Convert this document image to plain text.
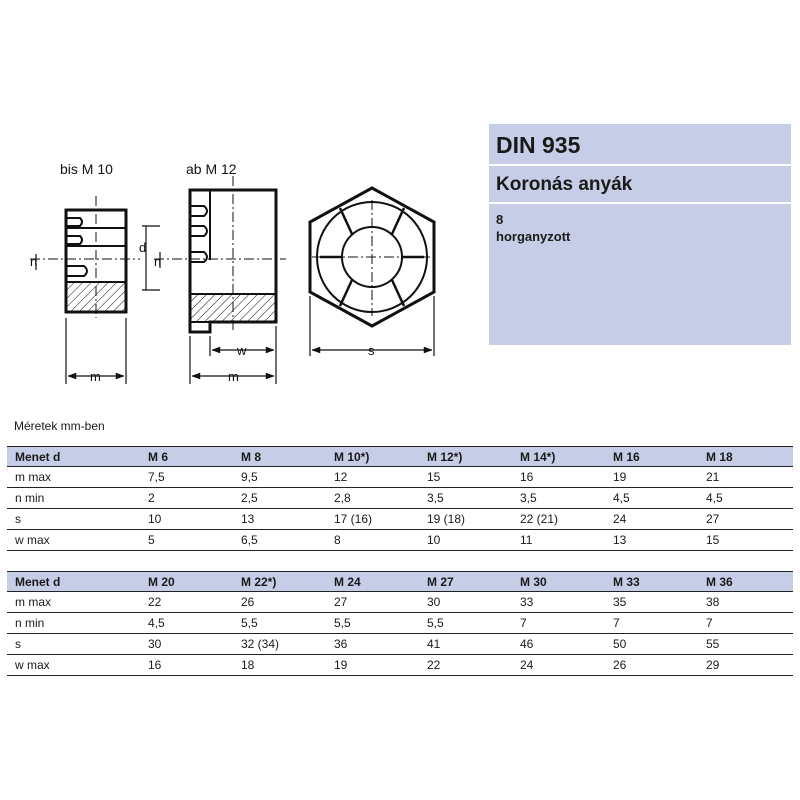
bis M 10
n
m
ab M 12
d
n
w
m
s
DIN 935
Koronás anyák
8
horganyzott
Méretek mm-ben
Menet d	M 6	M 8	M 10*)	M 12*)	M 14*)	M 16	M 18
m max	7,5	9,5	12	15	16	19	21
n min	2	2,5	2,8	3,5	3,5	4,5	4,5
s	10	13	17 (16)	19 (18)	22 (21)	24	27
w max	5	6,5	8	10	11	13	15
Menet d	M 20	M 22*)	M 24	M 27	M 30	M 33	M 36
m max	22	26	27	30	33	35	38
n min	4,5	5,5	5,5	5,5	7	7	7
s	30	32 (34)	36	41	46	50	55
w max	16	18	19	22	24	26	29
